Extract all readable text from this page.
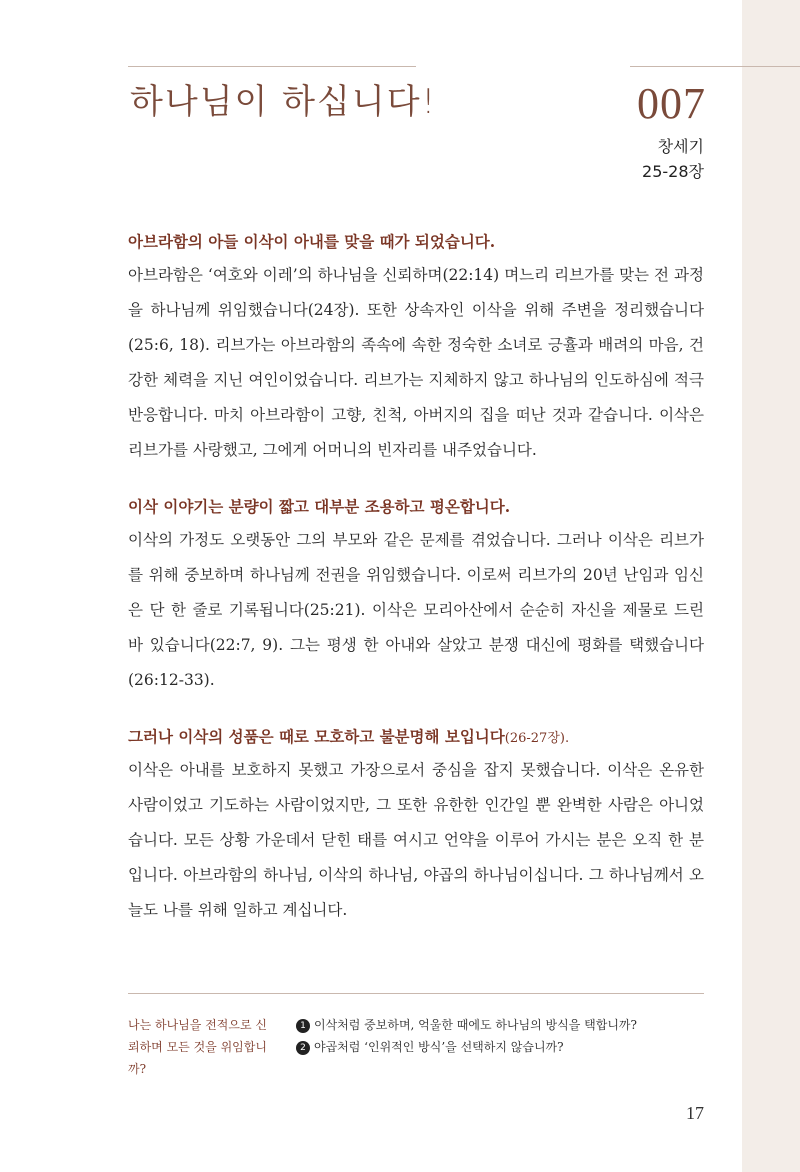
하나님이 하십니다!	007
창세기
25-28장
아브라함의 아들 이삭이 아내를 맞을 때가 되었습니다.
아브라함은 ‘여호와 이레’의 하나님을 신뢰하며(22:14) 며느리 리브가를 맞는 전 과정을 하나님께 위임했습니다(24장). 또한 상속자인 이삭을 위해 주변을 정리했습니다(25:6, 18). 리브가는 아브라함의 족속에 속한 정숙한 소녀로 긍휼과 배려의 마음, 건강한 체력을 지닌 여인이었습니다. 리브가는 지체하지 않고 하나님의 인도하심에 적극 반응합니다. 마치 아브라함이 고향, 친척, 아버지의 집을 떠난 것과 같습니다. 이삭은 리브가를 사랑했고, 그에게 어머니의 빈자리를 내주었습니다.
이삭 이야기는 분량이 짧고 대부분 조용하고 평온합니다.
이삭의 가정도 오랫동안 그의 부모와 같은 문제를 겪었습니다. 그러나 이삭은 리브가를 위해 중보하며 하나님께 전권을 위임했습니다. 이로써 리브가의 20년 난임과 임신은 단 한 줄로 기록됩니다(25:21). 이삭은 모리아산에서 순순히 자신을 제물로 드린 바 있습니다(22:7, 9). 그는 평생 한 아내와 살았고 분쟁 대신에 평화를 택했습니다(26:12-33).
그러나 이삭의 성품은 때로 모호하고 불분명해 보입니다(26-27장).
이삭은 아내를 보호하지 못했고 가장으로서 중심을 잡지 못했습니다. 이삭은 온유한 사람이었고 기도하는 사람이었지만, 그 또한 유한한 인간일 뿐 완벽한 사람은 아니었습니다. 모든 상황 가운데서 닫힌 태를 여시고 언약을 이루어 가시는 분은 오직 한 분입니다. 아브라함의 하나님, 이삭의 하나님, 야곱의 하나님이십니다. 그 하나님께서 오늘도 나를 위해 일하고 계십니다.
나는 하나님을 전적으로 신뢰하며 모든 것을 위임합니까?
1 이삭처럼 중보하며, 억울한 때에도 하나님의 방식을 택합니까?
2 야곱처럼 ‘인위적인 방식’을 선택하지 않습니까?
17
